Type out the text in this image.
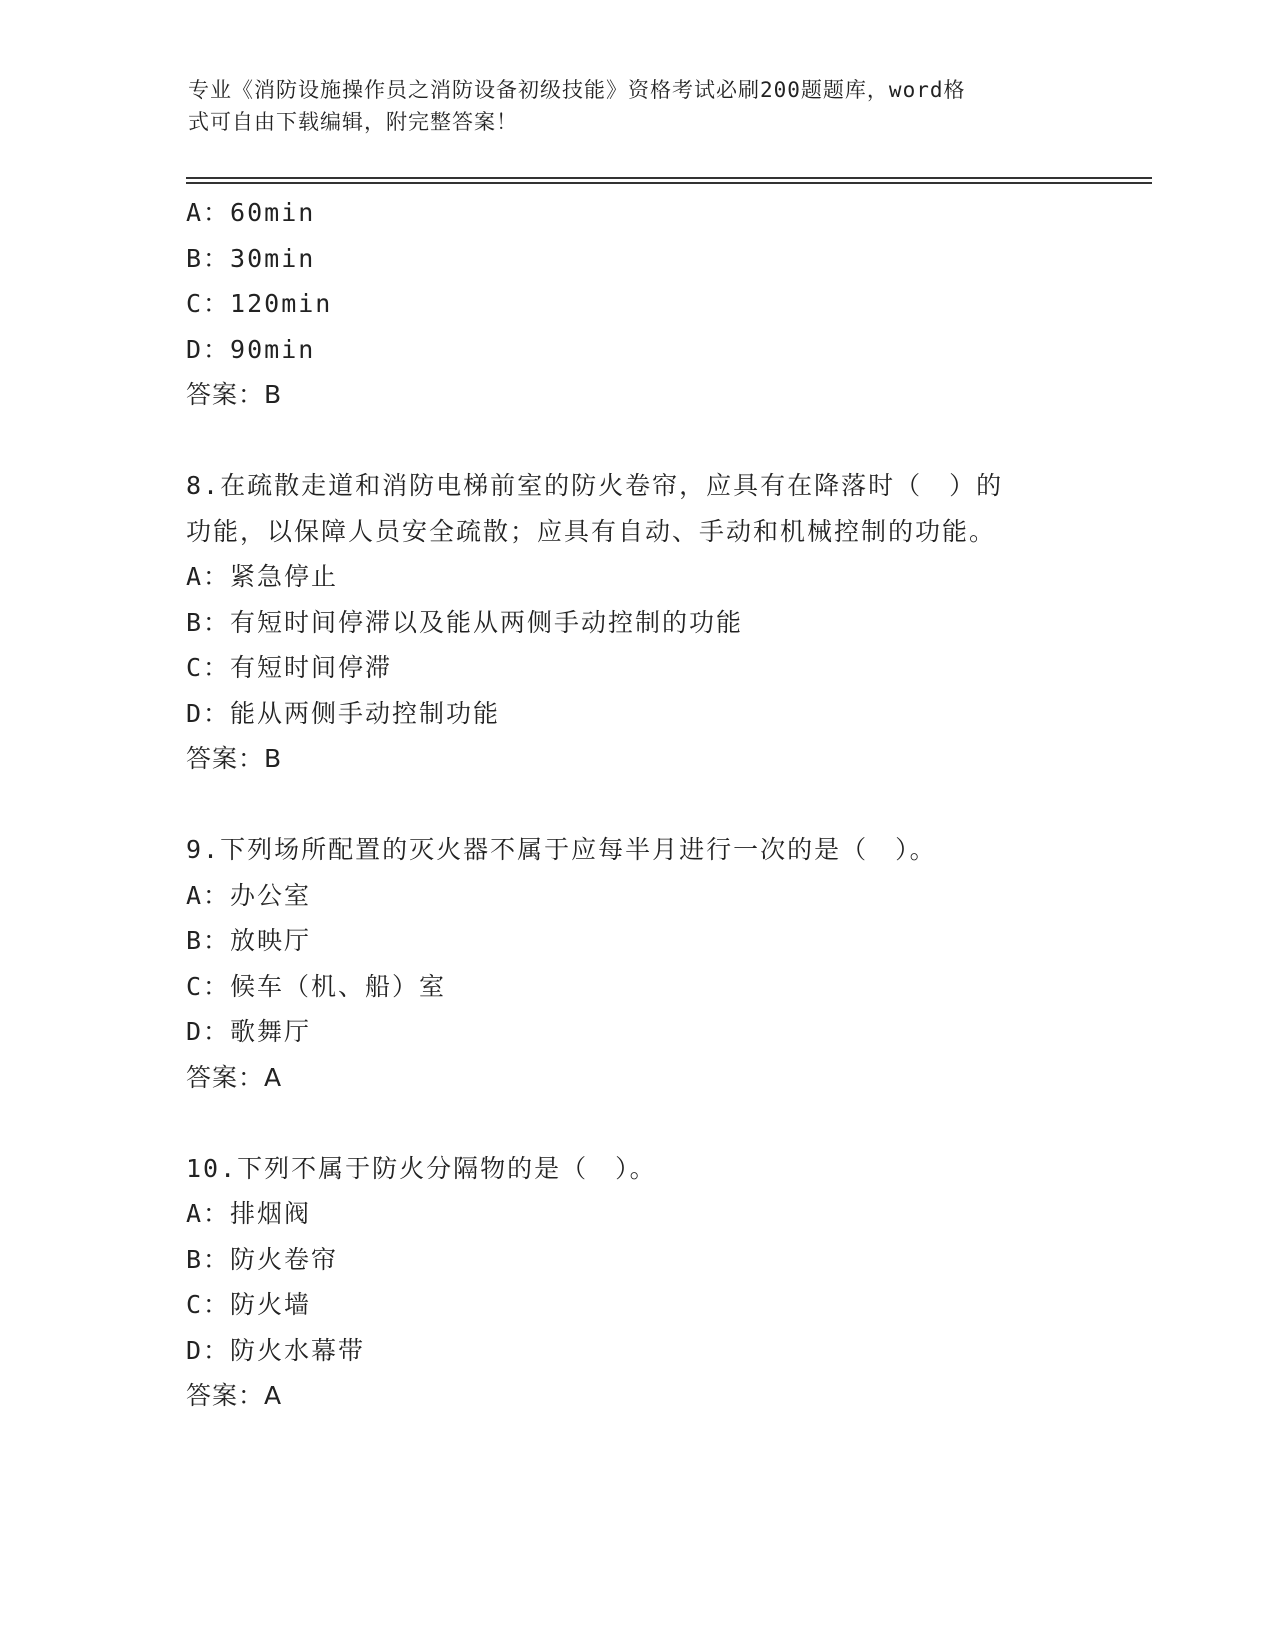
专业《消防设施操作员之消防设备初级技能》资格考试必刷200题题库，word格
式可自由下载编辑，附完整答案！
A：60min
B：30min
C：120min
D：90min
答案：B
8.在疏散走道和消防电梯前室的防火卷帘，应具有在降落时（　）的
功能，以保障人员安全疏散；应具有自动、手动和机械控制的功能。
A：紧急停止
B：有短时间停滞以及能从两侧手动控制的功能
C：有短时间停滞
D：能从两侧手动控制功能
答案：B
9.下列场所配置的灭火器不属于应每半月进行一次的是（　）。
A：办公室
B：放映厅
C：候车（机、船）室
D：歌舞厅
答案：A
10.下列不属于防火分隔物的是（　）。
A：排烟阀
B：防火卷帘
C：防火墙
D：防火水幕带
答案：A
